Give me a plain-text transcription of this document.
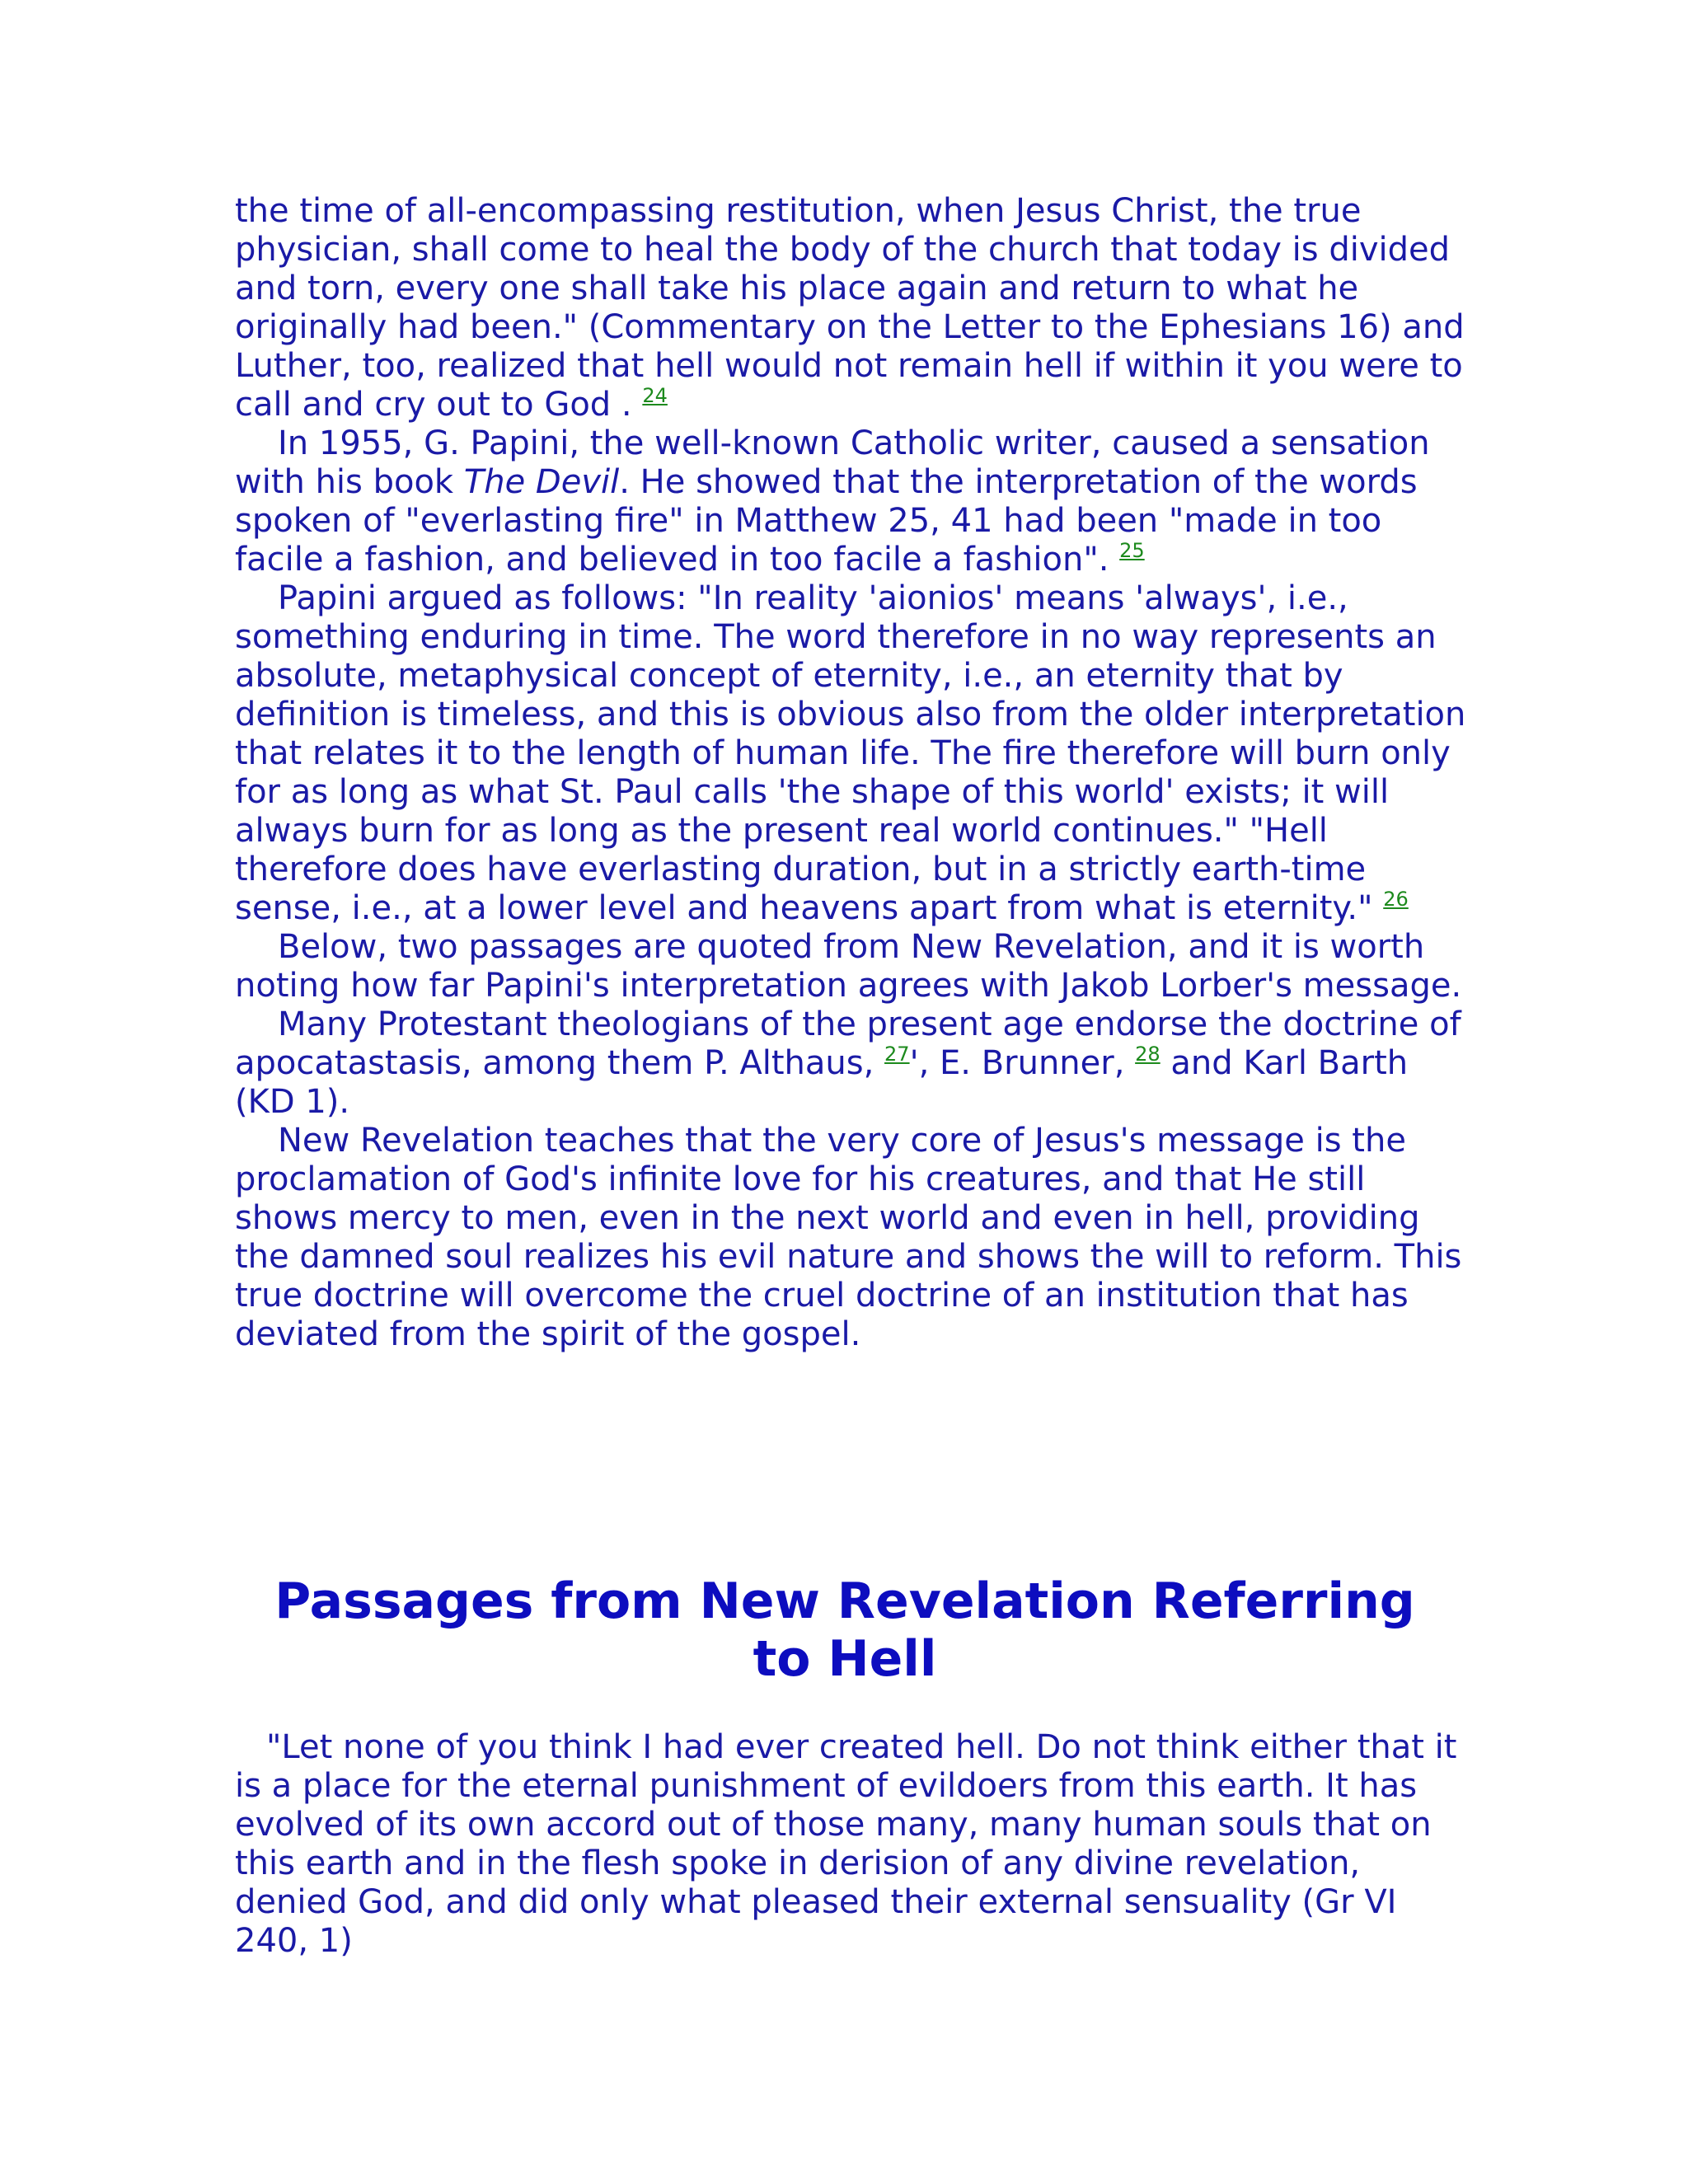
the time of all-encompassing restitution, when Jesus Christ, the true physician, shall come to heal the body of the church that today is divided and torn, every one shall take his place again and return to what he originally had been." (Commentary on the Letter to the Ephesians 16) and Luther, too, realized that hell would not remain hell if within it you were to call and cry out to God . $^{24}$

In 1955, G. Papini, the well-known Catholic writer, caused a sensation with his book The Devil. He showed that the interpretation of the words spoken of "everlasting fire" in Matthew 25, 41 had been "made in too facile a fashion, and believed in too facile a fashion". $^{25}$

Papini argued as follows: "In reality 'aionios' means 'always', i.e., something enduring in time. The word therefore in no way represents an absolute, metaphysical concept of eternity, i.e., an eternity that by definition is timeless, and this is obvious also from the older interpretation that relates it to the length of human life. The fire therefore will burn only for as long as what St. Paul calls 'the shape of this world' exists; it will always burn for as long as the present real world continues." "Hell therefore does have everlasting duration, but in a strictly earth-time sense, i.e., at a lower level and heavens apart from what is eternity." $^{26}$

Below, two passages are quoted from New Revelation, and it is worth noting how far Papini's interpretation agrees with Jakob Lorber's message.

Many Protestant theologians of the present age endorse the doctrine of apocatastasis, among them P. Althaus, $^{27}$', E. Brunner, $^{28}$ and Karl Barth (KD 1).

New Revelation teaches that the very core of Jesus's message is the proclamation of God's infinite love for his creatures, and that He still shows mercy to men, even in the next world and even in hell, providing the damned soul realizes his evil nature and shows the will to reform. This true doctrine will overcome the cruel doctrine of an institution that has deviated from the spirit of the gospel.

Passages from New Revelation Referring
to Hell

"Let none of you think I had ever created hell. Do not think either that it is a place for the eternal punishment of evildoers from this earth. It has evolved of its own accord out of those many, many human souls that on this earth and in the flesh spoke in derision of any divine revelation, denied God, and did only what pleased their external sensuality (Gr VI 240, 1)
